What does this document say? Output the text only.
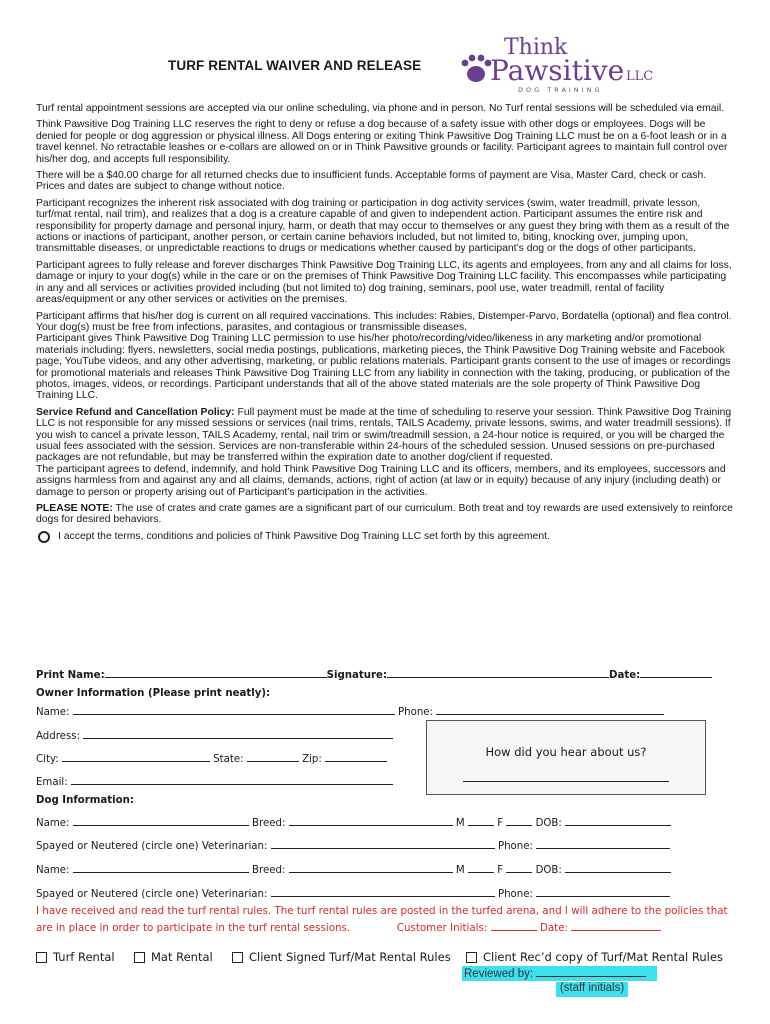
TURF RENTAL WAIVER AND RELEASE
Think
Pawsitive LLC
DOG TRAINING

Turf rental appointment sessions are accepted via our online scheduling, via phone and in person. No Turf rental sessions will be scheduled via email.

Think Pawsitive Dog Training LLC reserves the right to deny or refuse a dog because of a safety issue with other dogs or employees. Dogs will be denied for people or dog aggression or physical illness. All Dogs entering or exiting Think Pawsitive Dog Training LLC must be on a 6-foot leash or in a travel kennel. No retractable leashes or e-collars are allowed on or in Think Pawsitive grounds or facility. Participant agrees to maintain full control over his/her dog, and accepts full responsibility.

There will be a $40.00 charge for all returned checks due to insufficient funds. Acceptable forms of payment are Visa, Master Card, check or cash. Prices and dates are subject to change without notice.

Participant recognizes the inherent risk associated with dog training or participation in dog activity services (swim, water treadmill, private lesson, turf/mat rental, nail trim), and realizes that a dog is a creature capable of and given to independent action. Participant assumes the entire risk and responsibility for property damage and personal injury, harm, or death that may occur to themselves or any guest they bring with them as a result of the actions or inactions of participant, another person, or certain canine behaviors included, but not limited to, biting, knocking over, jumping upon, transmittable diseases, or unpredictable reactions to drugs or medications whether caused by participant’s dog or the dogs of other participants.

Participant agrees to fully release and forever discharges Think Pawsitive Dog Training LLC, its agents and employees, from any and all claims for loss, damage or injury to your dog(s) while in the care or on the premises of Think Pawsitive Dog Training LLC facility. This encompasses while participating in any and all services or activities provided including (but not limited to) dog training, seminars, pool use, water treadmill, rental of facility areas/equipment or any other services or activities on the premises.

Participant affirms that his/her dog is current on all required vaccinations. This includes: Rabies, Distemper-Parvo, Bordatella (optional) and flea control. Your dog(s) must be free from infections, parasites, and contagious or transmissible diseases.

Participant gives Think Pawsitive Dog Training LLC permission to use his/her photo/recording/video/likeness in any marketing and/or promotional materials including: flyers, newsletters, social media postings, publications, marketing pieces, the Think Pawsitive Dog Training website and Facebook page, YouTube videos, and any other advertising, marketing, or public relations materials. Participant grants consent to the use of images or recordings for promotional materials and releases Think Pawsitive Dog Training LLC from any liability in connection with the taking, producing, or publication of the photos, images, videos, or recordings. Participant understands that all of the above stated materials are the sole property of Think Pawsitive Dog Training LLC.

Service Refund and Cancellation Policy: Full payment must be made at the time of scheduling to reserve your session. Think Pawsitive Dog Training LLC is not responsible for any missed sessions or services (nail trims, rentals, TAILS Academy, private lessons, swims, and water treadmill sessions). If you wish to cancel a private lesson, TAILS Academy, rental, nail trim or swim/treadmill session, a 24-hour notice is required, or you will be charged the usual fees associated with the session. Services are non-transferable within 24-hours of the scheduled session. Unused sessions on pre-purchased packages are not refundable, but may be transferred within the expiration date to another dog/client if requested.

The participant agrees to defend, indemnify, and hold Think Pawsitive Dog Training LLC and its officers, members, and its employees, successors and assigns harmless from and against any and all claims, demands, actions, right of action (at law or in equity) because of any injury (including death) or damage to person or property arising out of Participant’s participation in the activities.

PLEASE NOTE: The use of crates and crate games are a significant part of our curriculum. Both treat and toy rewards are used extensively to reinforce dogs for desired behaviors.

I accept the terms, conditions and policies of Think Pawsitive Dog Training LLC set forth by this agreement.
Print Name:	Signature:	Date:
Owner Information (Please print neatly):
Name:	Phone:
Address:
City:	State:	Zip:
Email:
Dog Information:
Name:	Breed:	M	F	DOB:
Spayed or Neutered (circle one) Veterinarian:	Phone:
Name:	Breed:	M	F	DOB:
Spayed or Neutered (circle one) Veterinarian:	Phone:
How did you hear about us?
I have received and read the turf rental rules. The turf rental rules are posted in the turfed arena, and I will adhere to the policies that are in place in order to participate in the turf rental sessions.	Customer Initials:	Date:
Turf Rental	Mat Rental	Client Signed Turf/Mat Rental Rules	Client Rec’d copy of Turf/Mat Rental Rules
Reviewed by:
(staff initials)
